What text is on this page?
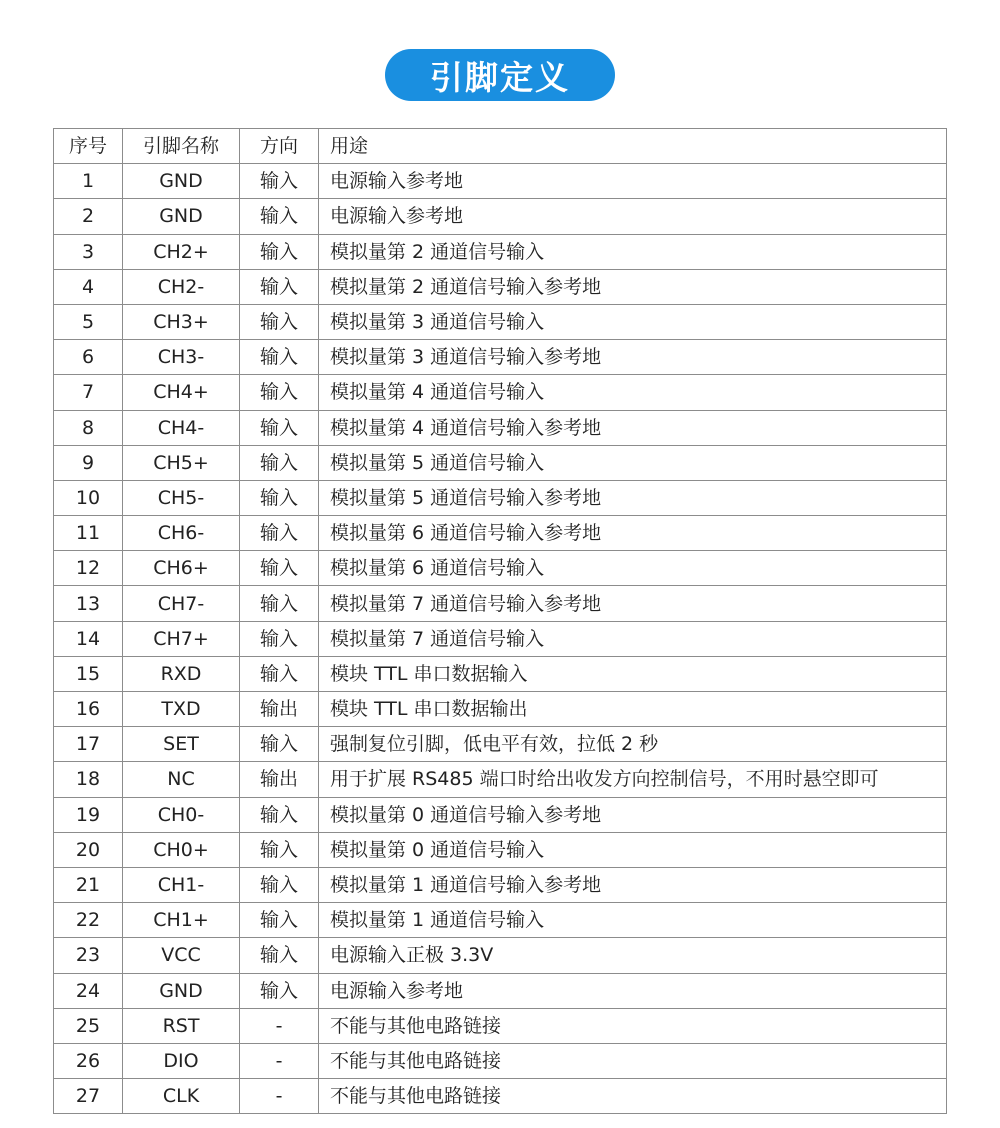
引脚定义
序号	引脚名称	方向	用途
1	GND	输入	电源输入参考地
2	GND	输入	电源输入参考地
3	CH2+	输入	模拟量第 2 通道信号输入
4	CH2-	输入	模拟量第 2 通道信号输入参考地
5	CH3+	输入	模拟量第 3 通道信号输入
6	CH3-	输入	模拟量第 3 通道信号输入参考地
7	CH4+	输入	模拟量第 4 通道信号输入
8	CH4-	输入	模拟量第 4 通道信号输入参考地
9	CH5+	输入	模拟量第 5 通道信号输入
10	CH5-	输入	模拟量第 5 通道信号输入参考地
11	CH6-	输入	模拟量第 6 通道信号输入参考地
12	CH6+	输入	模拟量第 6 通道信号输入
13	CH7-	输入	模拟量第 7 通道信号输入参考地
14	CH7+	输入	模拟量第 7 通道信号输入
15	RXD	输入	模块 TTL 串口数据输入
16	TXD	输出	模块 TTL 串口数据输出
17	SET	输入	强制复位引脚，低电平有效，拉低 2 秒
18	NC	输出	用于扩展 RS485 端口时给出收发方向控制信号，不用时悬空即可
19	CH0-	输入	模拟量第 0 通道信号输入参考地
20	CH0+	输入	模拟量第 0 通道信号输入
21	CH1-	输入	模拟量第 1 通道信号输入参考地
22	CH1+	输入	模拟量第 1 通道信号输入
23	VCC	输入	电源输入正极 3.3V
24	GND	输入	电源输入参考地
25	RST	-	不能与其他电路链接
26	DIO	-	不能与其他电路链接
27	CLK	-	不能与其他电路链接
